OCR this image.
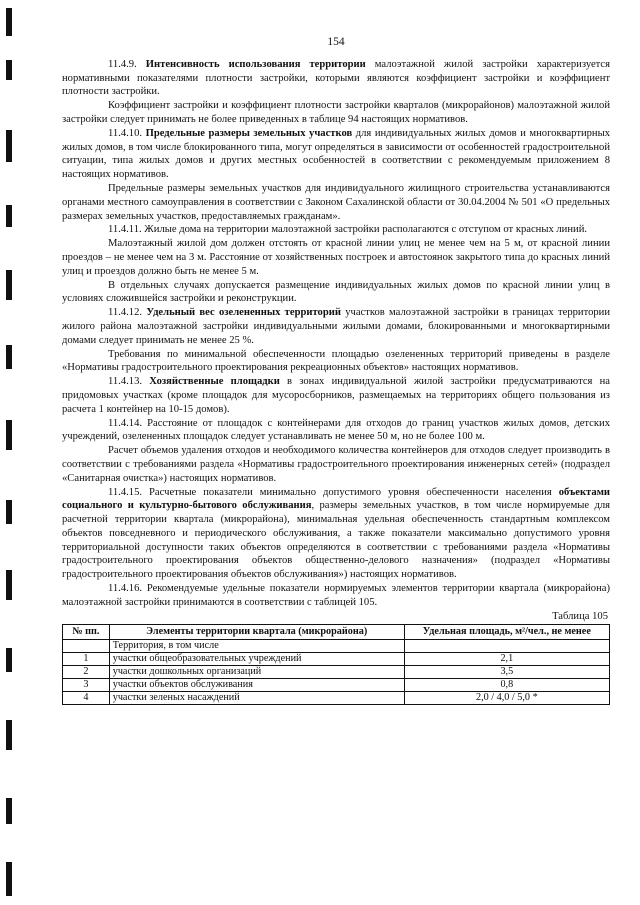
154

11.4.9. Интенсивность использования территории малоэтажной жилой застройки характеризуется нормативными показателями плотности застройки, которыми являются коэффициент застройки и коэффициент плотности застройки.

Коэффициент застройки и коэффициент плотности застройки кварталов (микрорайонов) малоэтажной жилой застройки следует принимать не более приведенных в таблице 94 настоящих нормативов.

11.4.10. Предельные размеры земельных участков для индивидуальных жилых домов и многоквартирных жилых домов, в том числе блокированного типа, могут определяться в зависимости от особенностей градостроительной ситуации, типа жилых домов и других местных особенностей в соответствии с рекомендуемым приложением 8 настоящих нормативов.

Предельные размеры земельных участков для индивидуального жилищного строительства устанавливаются органами местного самоуправления в соответствии с Законом Сахалинской области от 30.04.2004 № 501 «О предельных размерах земельных участков, предоставляемых гражданам».

11.4.11. Жилые дома на территории малоэтажной застройки располагаются с отступом от красных линий.

Малоэтажный жилой дом должен отстоять от красной линии улиц не менее чем на 5 м, от красной линии проездов – не менее чем на 3 м. Расстояние от хозяйственных построек и автостоянок закрытого типа до красных линий улиц и проездов должно быть не менее 5 м.

В отдельных случаях допускается размещение индивидуальных жилых домов по красной линии улиц в условиях сложившейся застройки и реконструкции.

11.4.12. Удельный вес озелененных территорий участков малоэтажной застройки в границах территории жилого района малоэтажной застройки индивидуальными жилыми домами, блокированными и многоквартирными домами следует принимать не менее 25 %.

Требования по минимальной обеспеченности площадью озелененных территорий приведены в разделе «Нормативы градостроительного проектирования рекреационных объектов» настоящих нормативов.

11.4.13. Хозяйственные площадки в зонах индивидуальной жилой застройки предусматриваются на придомовых участках (кроме площадок для мусоросборников, размещаемых на территориях общего пользования из расчета 1 контейнер на 10-15 домов).

11.4.14. Расстояние от площадок с контейнерами для отходов до границ участков жилых домов, детских учреждений, озелененных площадок следует устанавливать не менее 50 м, но не более 100 м.

Расчет объемов удаления отходов и необходимого количества контейнеров для отходов следует производить в соответствии с требованиями раздела «Нормативы градостроительного проектирования инженерных сетей» (подраздел «Санитарная очистка») настоящих нормативов.

11.4.15. Расчетные показатели минимально допустимого уровня обеспеченности населения объектами социального и культурно-бытового обслуживания, размеры земельных участков, в том числе нормируемые для расчетной территории квартала (микрорайона), минимальная удельная обеспеченность стандартным комплексом объектов повседневного и периодического обслуживания, а также показатели максимально допустимого уровня территориальной доступности таких объектов определяются в соответствии с требованиями раздела «Нормативы градостроительного проектирования объектов общественно-делового назначения» (подраздел «Нормативы градостроительного проектирования объектов обслуживания») настоящих нормативов.

11.4.16. Рекомендуемые удельные показатели нормируемых элементов территории квартала (микрорайона) малоэтажной застройки принимаются в соответствии с таблицей 105.

Таблица 105
№ пп.	Элементы территории квартала (микрорайона)	Удельная площадь, м²/чел., не менее
	Территория, в том числе	
1	участки общеобразовательных учреждений	2,1
2	участки дошкольных организаций	3,5
3	участки объектов обслуживания	0,8
4	участки зеленых насаждений	2,0 / 4,0 / 5,0 *
